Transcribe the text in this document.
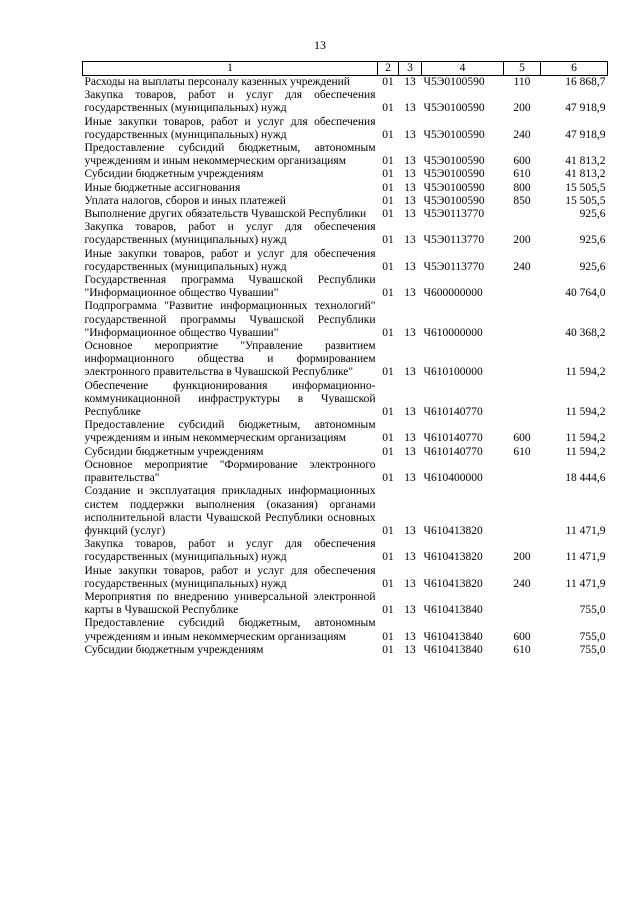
13
1	2	3	4	5	6
Расходы на выплаты персоналу казенных учреждений	01	13	Ч5Э0100590	110	16 868,7
Закупка товаров, работ и услуг для обеспечения государственных (муниципальных) нужд	01	13	Ч5Э0100590	200	47 918,9
Иные закупки товаров, работ и услуг для обеспечения государственных (муниципальных) нужд	01	13	Ч5Э0100590	240	47 918,9
Предоставление субсидий бюджетным, автономным учреждениям и иным некоммерческим организациям	01	13	Ч5Э0100590	600	41 813,2
Субсидии бюджетным учреждениям	01	13	Ч5Э0100590	610	41 813,2
Иные бюджетные ассигнования	01	13	Ч5Э0100590	800	15 505,5
Уплата налогов, сборов и иных платежей	01	13	Ч5Э0100590	850	15 505,5
Выполнение других обязательств Чувашской Республики	01	13	Ч5Э0113770		925,6
Закупка товаров, работ и услуг для обеспечения государственных (муниципальных) нужд	01	13	Ч5Э0113770	200	925,6
Иные закупки товаров, работ и услуг для обеспечения государственных (муниципальных) нужд	01	13	Ч5Э0113770	240	925,6
Государственная программа Чувашской Республики "Информационное общество Чувашии"	01	13	Ч600000000		40 764,0
Подпрограмма "Развитие информационных технологий" государственной программы Чувашской Республики "Информационное общество Чувашии"	01	13	Ч610000000		40 368,2
Основное мероприятие "Управление развитием информационного общества и формированием электронного правительства в Чувашской Республике"	01	13	Ч610100000		11 594,2
Обеспечение функционирования информационно-коммуникационной инфраструктуры в Чувашской Республике	01	13	Ч610140770		11 594,2
Предоставление субсидий бюджетным, автономным учреждениям и иным некоммерческим организациям	01	13	Ч610140770	600	11 594,2
Субсидии бюджетным учреждениям	01	13	Ч610140770	610	11 594,2
Основное мероприятие "Формирование электронного правительства"	01	13	Ч610400000		18 444,6
Создание и эксплуатация прикладных информационных систем поддержки выполнения (оказания) органами исполнительной власти Чувашской Республики основных функций (услуг)	01	13	Ч610413820		11 471,9
Закупка товаров, работ и услуг для обеспечения государственных (муниципальных) нужд	01	13	Ч610413820	200	11 471,9
Иные закупки товаров, работ и услуг для обеспечения государственных (муниципальных) нужд	01	13	Ч610413820	240	11 471,9
Мероприятия по внедрению универсальной электронной карты в Чувашской Республике	01	13	Ч610413840		755,0
Предоставление субсидий бюджетным, автономным учреждениям и иным некоммерческим организациям	01	13	Ч610413840	600	755,0
Субсидии бюджетным учреждениям	01	13	Ч610413840	610	755,0
